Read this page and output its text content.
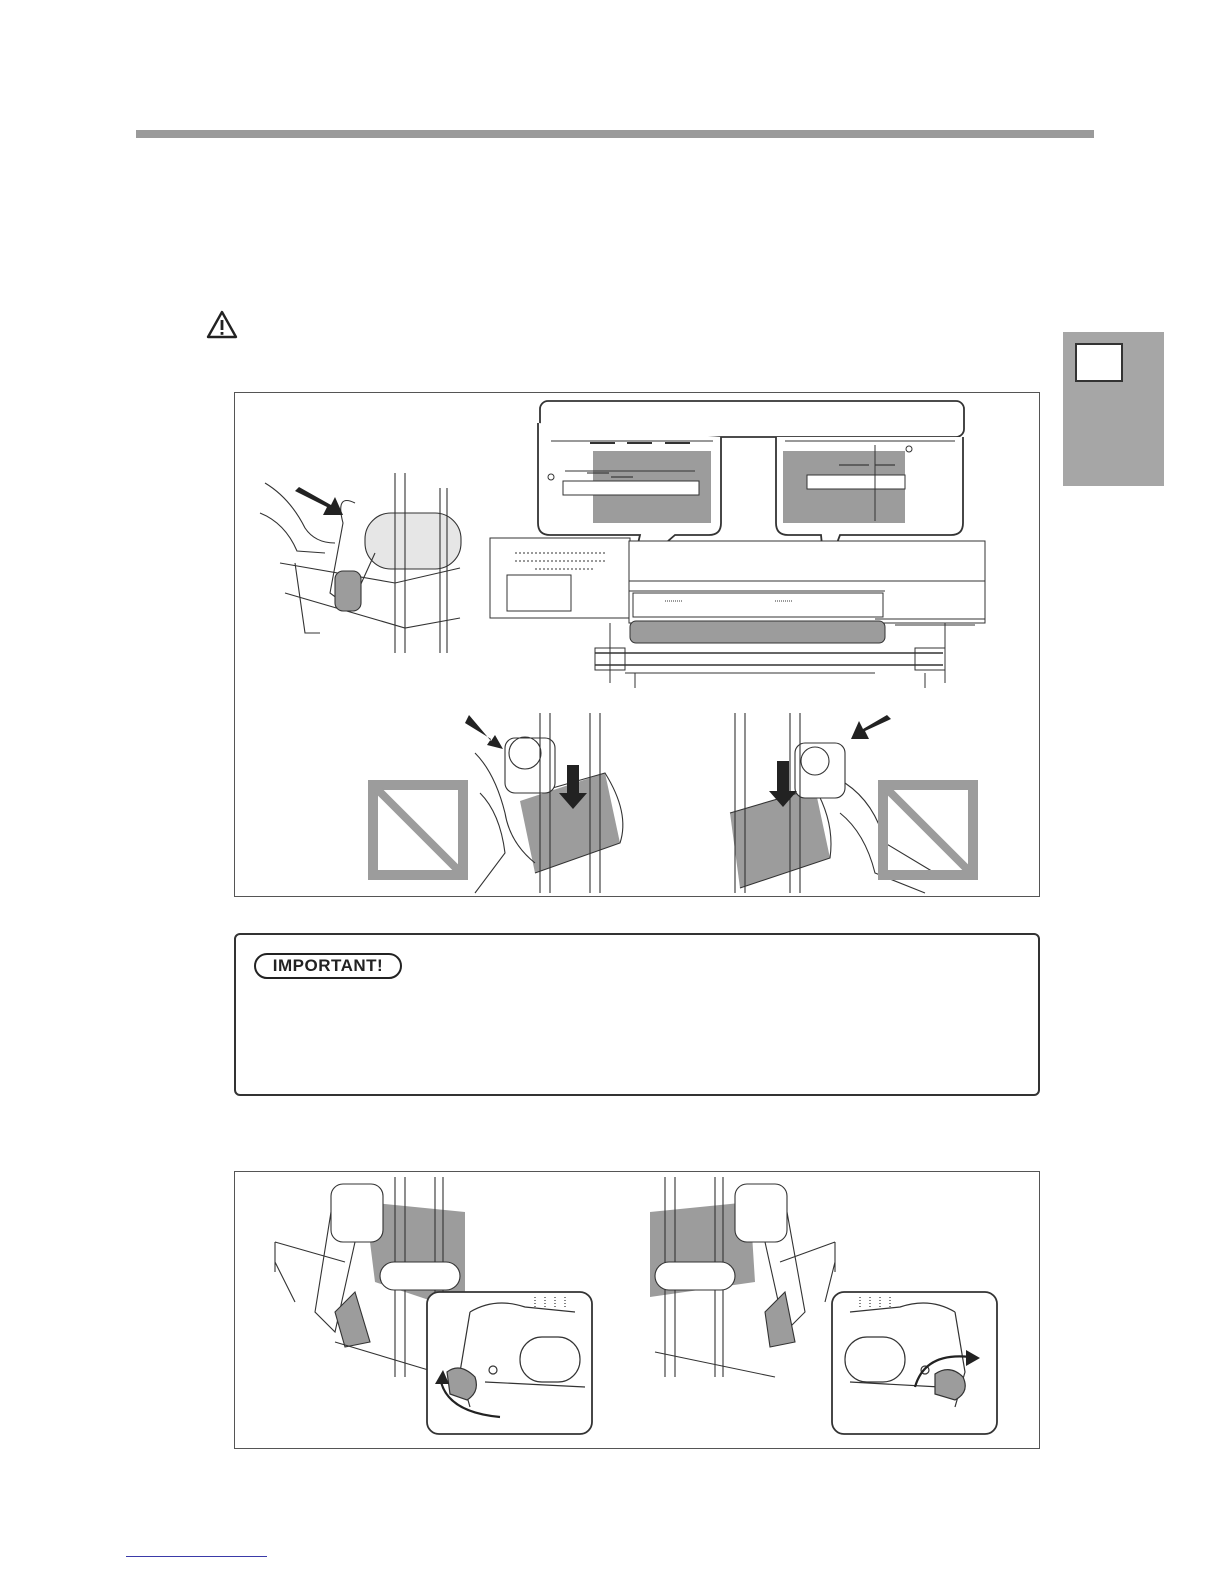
IMPORTANT!
